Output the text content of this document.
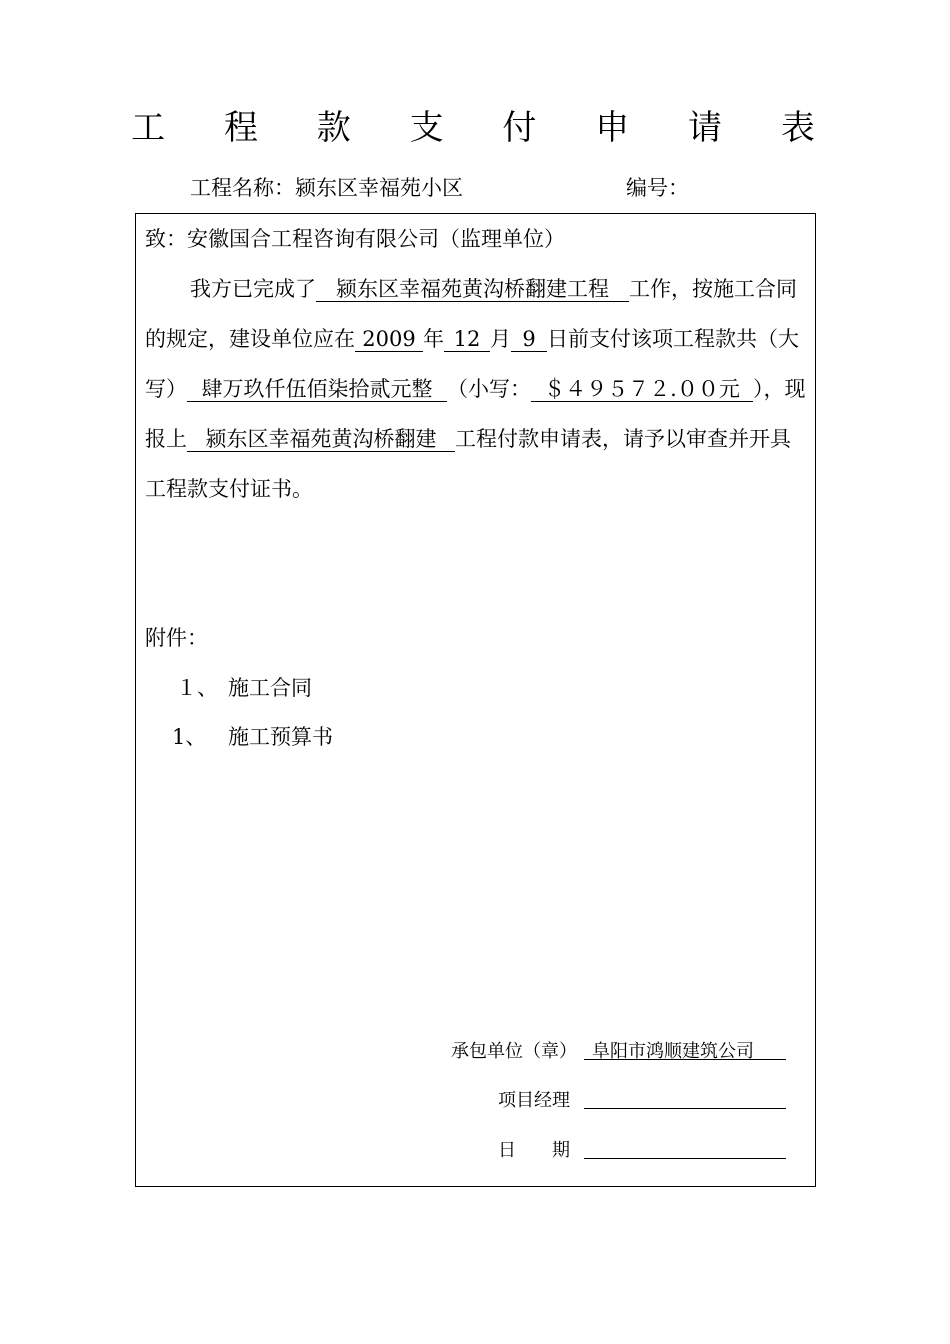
工 程 款 支 付 申 请 表
工程名称：颍东区幸福苑小区	编号：
致：安徽国合工程咨询有限公司（监理单位）
我方已完成了 颍东区幸福苑黄沟桥翻建工程 工作，按施工合同
的规定，建设单位应在 2009 年 12 月 9 日前支付该项工程款共（大
写） 肆万玖仟伍佰柒拾贰元整 （小写： ＄４９５７２.００元 ），现
报上 颍东区幸福苑黄沟桥翻建 工程付款申请表，请予以审查并开具
工程款支付证书。
附件：
１、 施工合同
1、 施工预算书
承包单位（章） 阜阳市鸿顺建筑公司
项目经理
日　　期
